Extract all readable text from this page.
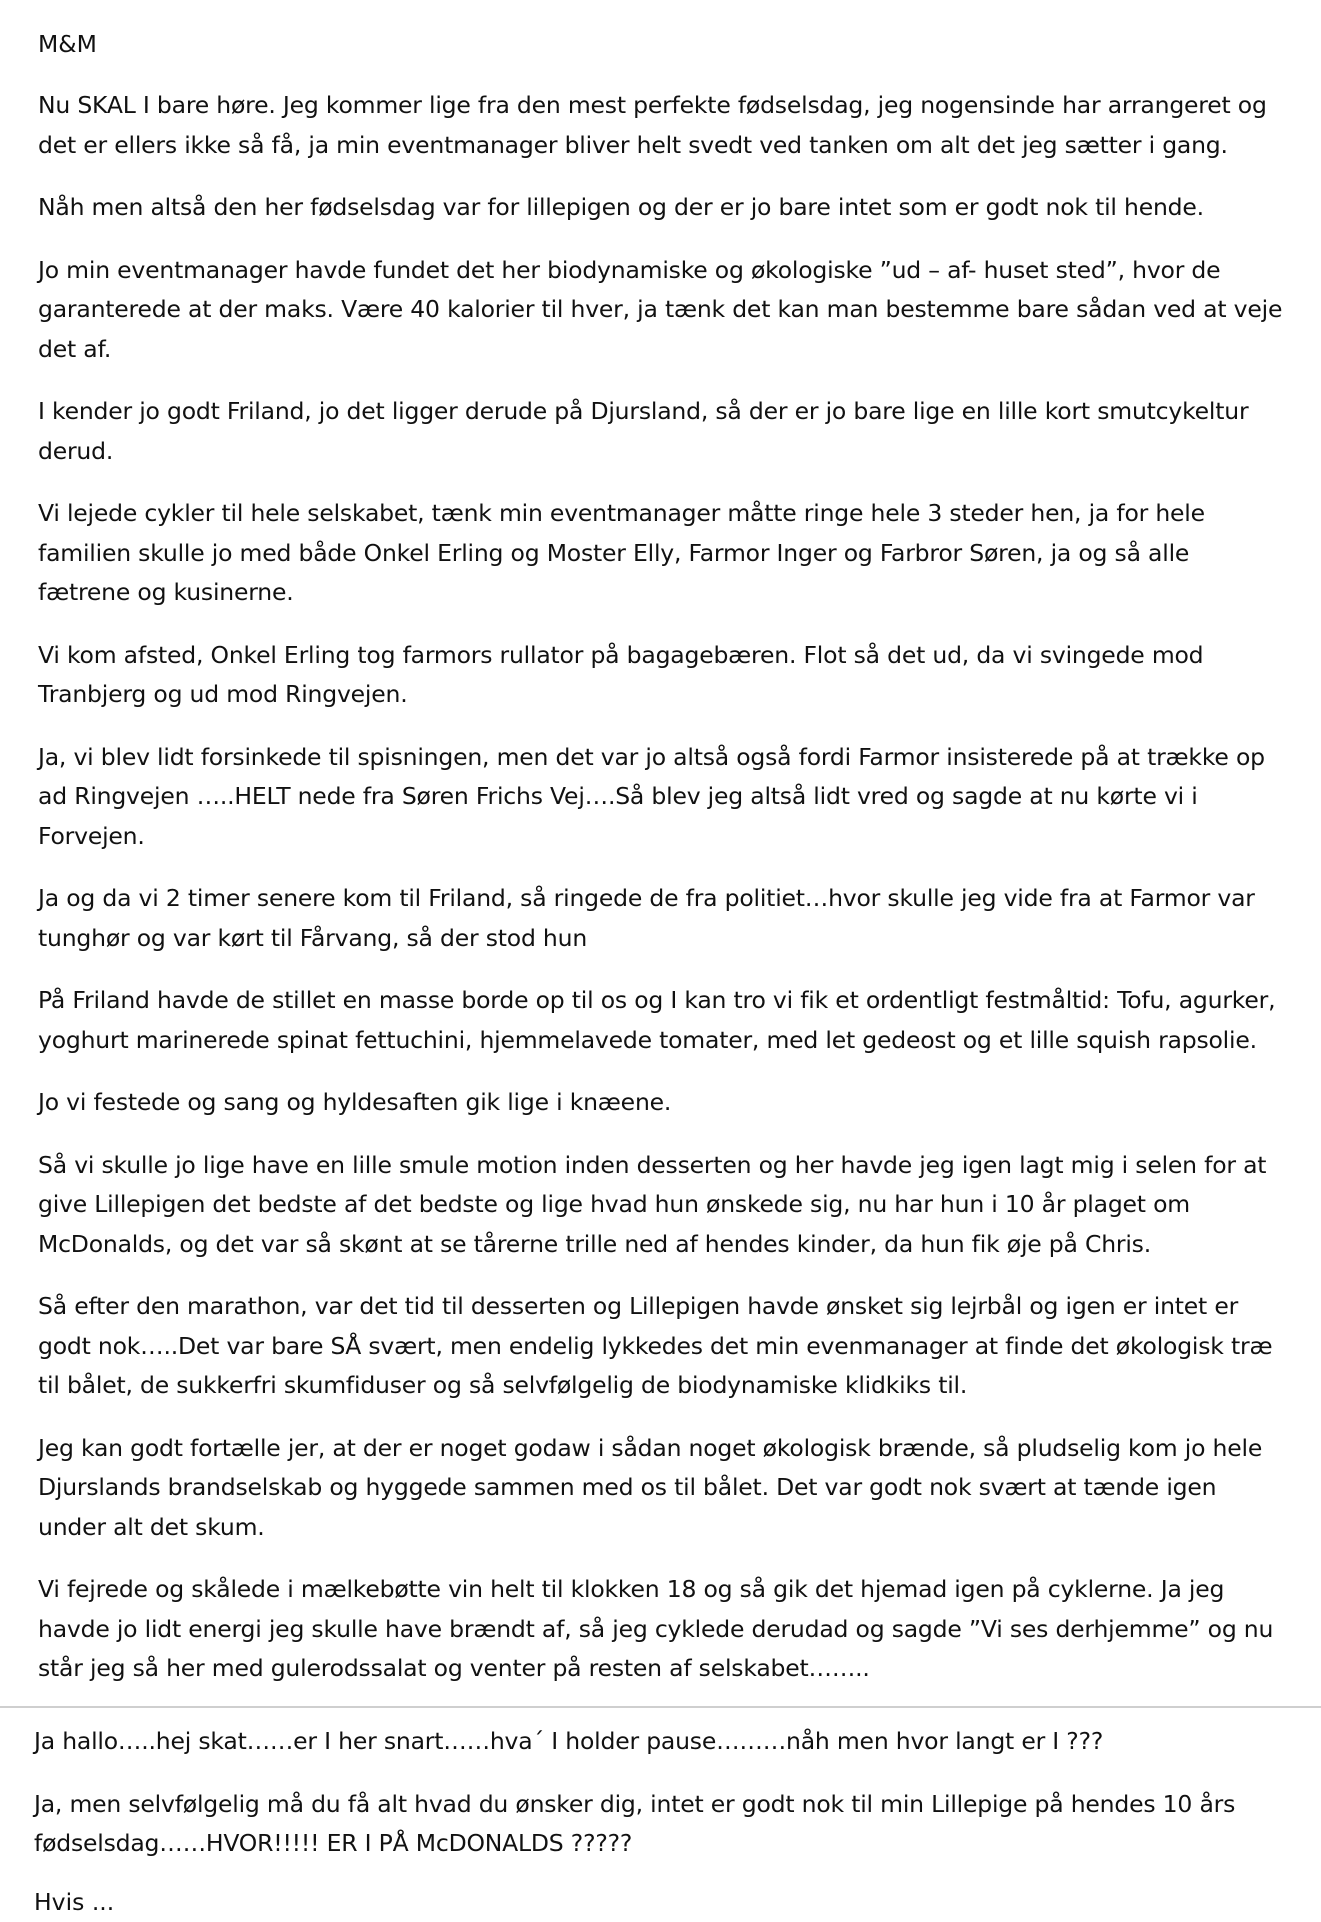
M&M

Nu SKAL I bare høre. Jeg kommer lige fra den mest perfekte fødselsdag, jeg nogensinde har arrangeret og det er ellers ikke så få, ja min eventmanager bliver helt svedt ved tanken om alt det jeg sætter i gang.

Nåh men altså den her fødselsdag var for lillepigen og der er jo bare intet som er godt nok til hende.

Jo min eventmanager havde fundet det her biodynamiske og økologiske ”ud – af- huset sted”, hvor de garanterede at der maks. Være 40 kalorier til hver, ja tænk det kan man bestemme bare sådan ved at veje det af.

I kender jo godt Friland, jo det ligger derude på Djursland, så der er jo bare lige en lille kort smutcykeltur derud.

Vi lejede cykler til hele selskabet, tænk min eventmanager måtte ringe hele 3 steder hen, ja for hele familien skulle jo med både Onkel Erling og Moster Elly, Farmor Inger og Farbror Søren, ja og så alle fætrene og kusinerne.

Vi kom afsted, Onkel Erling tog farmors rullator på bagagebæren. Flot så det ud, da vi svingede mod Tranbjerg og ud mod Ringvejen.

Ja, vi blev lidt forsinkede til spisningen, men det var jo altså også fordi Farmor insisterede på at trække op ad Ringvejen …..HELT nede fra Søren Frichs Vej….Så blev jeg altså lidt vred og sagde at nu kørte vi i Forvejen.

Ja og da vi 2 timer senere kom til Friland, så ringede de fra politiet…hvor skulle jeg vide fra at Farmor var tunghør og var kørt til Fårvang, så der stod hun

På Friland havde de stillet en masse borde op til os og I kan tro vi fik et ordentligt festmåltid: Tofu, agurker, yoghurt marinerede spinat fettuchini, hjemmelavede tomater, med let gedeost og et lille squish rapsolie.

Jo vi festede og sang og hyldesaften gik lige i knæene.

Så vi skulle jo lige have en lille smule motion inden desserten og her havde jeg igen lagt mig i selen for at give Lillepigen det bedste af det bedste og lige hvad hun ønskede sig, nu har hun i 10 år plaget om McDonalds, og det var så skønt at se tårerne trille ned af hendes kinder, da hun fik øje på Chris.

Så efter den marathon, var det tid til desserten og Lillepigen havde ønsket sig lejrbål og igen er intet er godt nok…..Det var bare SÅ svært, men endelig lykkedes det min evenmanager at finde det økologisk træ til bålet, de sukkerfri skumfiduser og så selvfølgelig de biodynamiske klidkiks til.

Jeg kan godt fortælle jer, at der er noget godaw i sådan noget økologisk brænde, så pludselig kom jo hele Djurslands brandselskab og hyggede sammen med os til bålet. Det var godt nok svært at tænde igen under alt det skum.

Vi fejrede og skålede i mælkebøtte vin helt til klokken 18 og så gik det hjemad igen på cyklerne. Ja jeg havde jo lidt energi jeg skulle have brændt af, så jeg cyklede derudad og sagde ”Vi ses derhjemme” og nu står jeg så her med gulerodssalat og venter på resten af selskabet……..

Ja hallo…..hej skat……er I her snart……hva´ I holder pause………nåh men hvor langt er I ???

Ja, men selvfølgelig må du få alt hvad du ønsker dig, intet er godt nok til min Lillepige på hendes 10 års fødselsdag……HVOR!!!!! ER I PÅ McDONALDS ?????

Hvis ...
